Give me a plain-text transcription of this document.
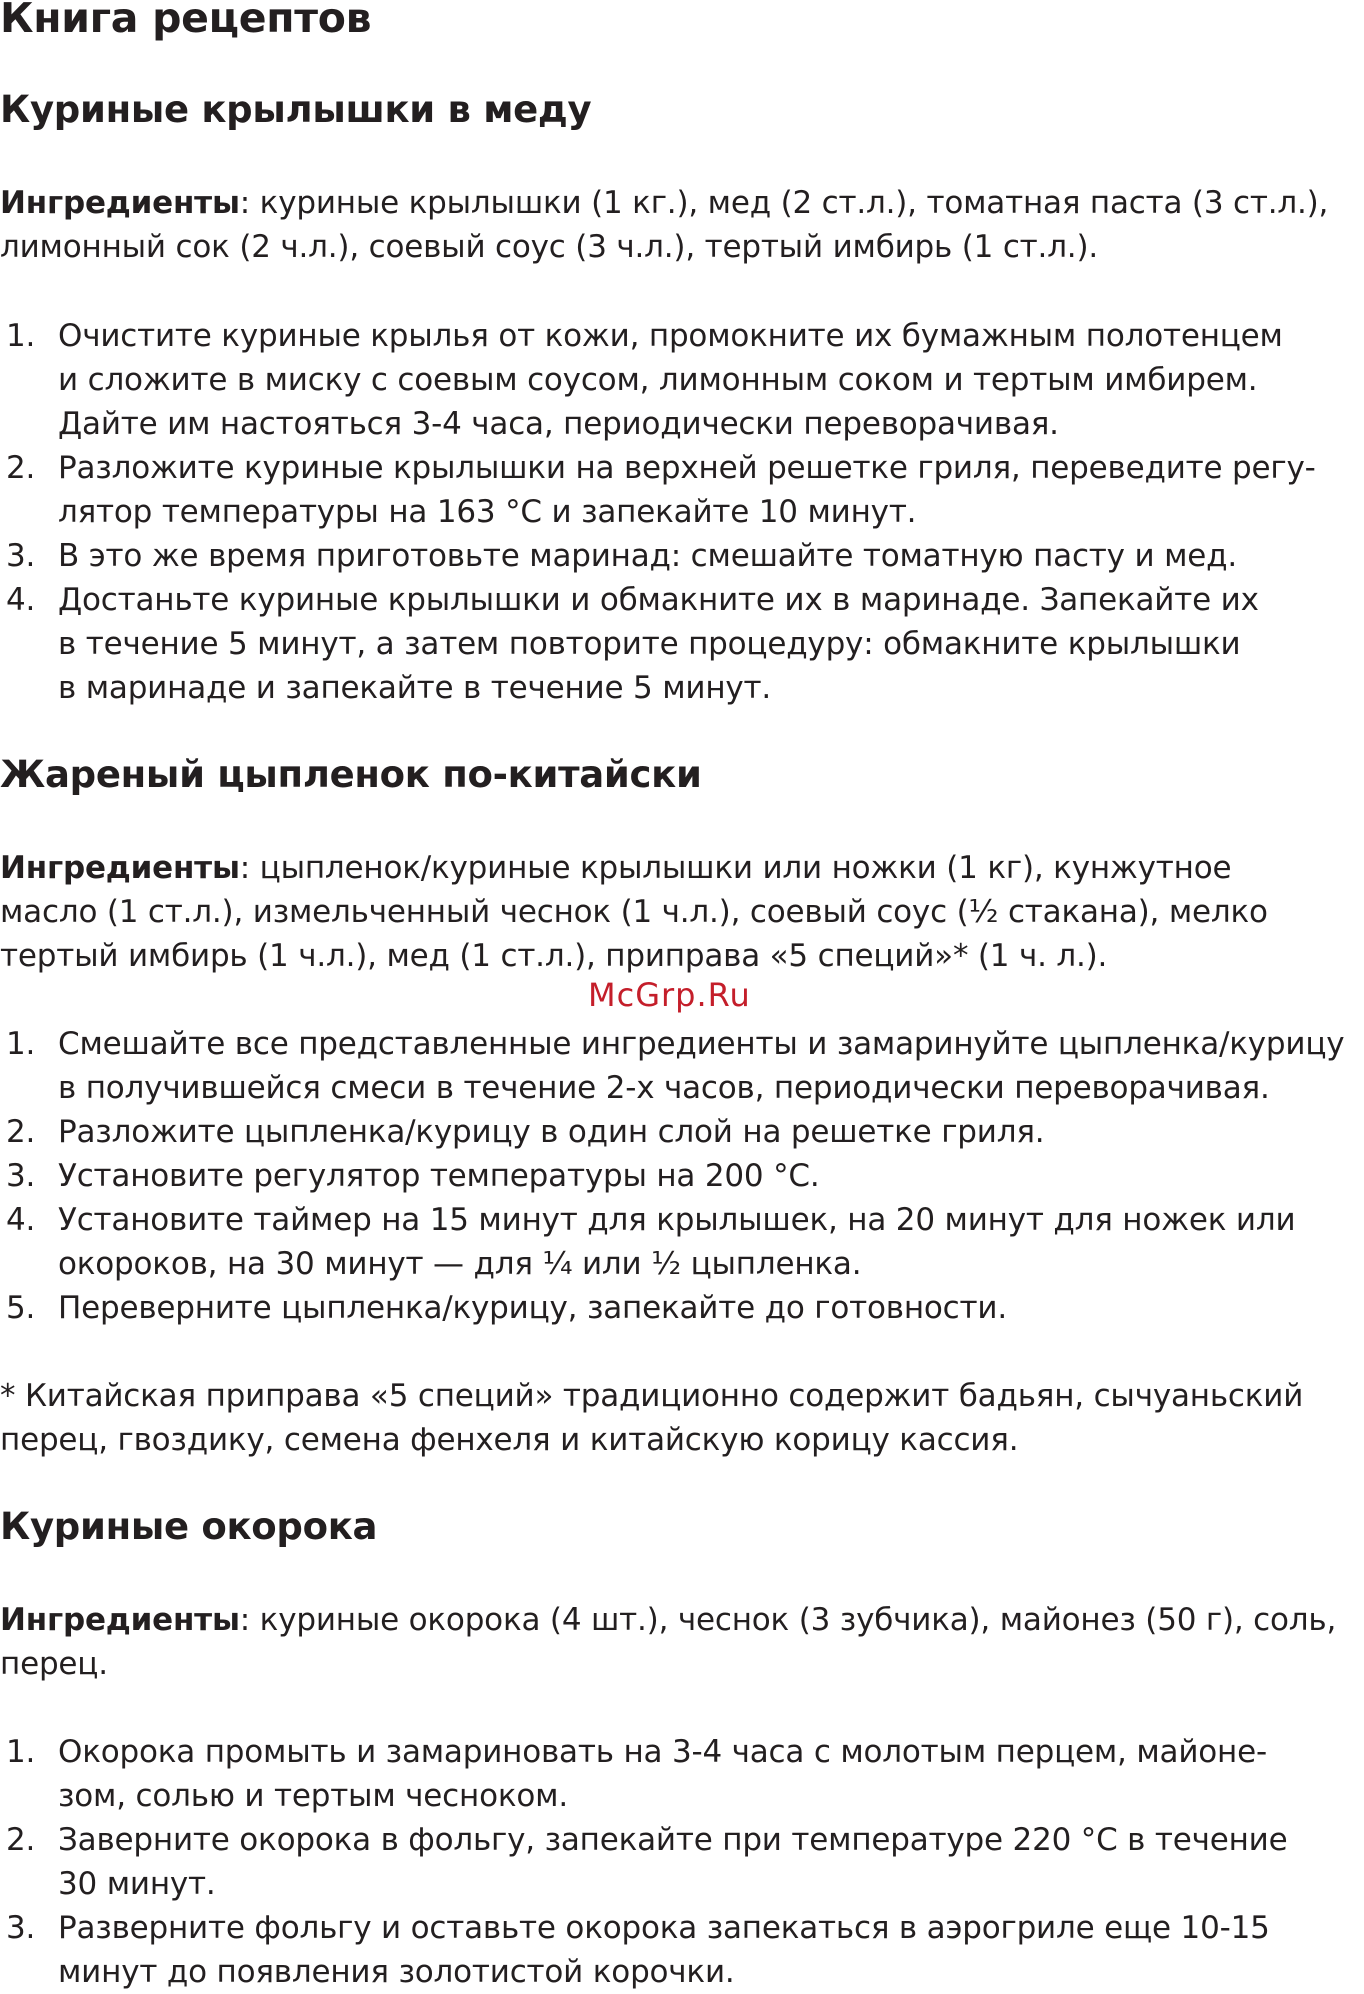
Книга рецептов
Куриные крылышки в меду
Ингредиенты: куриные крылышки (1 кг.), мед (2 ст.л.), томатная паста (3 ст.л.),
лимонный сок (2 ч.л.), соевый соус (3 ч.л.), тертый имбирь (1 ст.л.).
1. Очистите куриные крылья от кожи, промокните их бумажным полотенцем
и сложите в миску с соевым соусом, лимонным соком и тертым имбирем.
Дайте им настояться 3-4 часа, периодически переворачивая.
2. Разложите куриные крылышки на верхней решетке гриля, переведите регу-
лятор температуры на 163 °С и запекайте 10 минут.
3. В это же время приготовьте маринад: смешайте томатную пасту и мед.
4. Достаньте куриные крылышки и обмакните их в маринаде. Запекайте их
в течение 5 минут, а затем повторите процедуру: обмакните крылышки
в маринаде и запекайте в течение 5 минут.
Жареный цыпленок по-китайски
Ингредиенты: цыпленок/куриные крылышки или ножки (1 кг), кунжутное
масло (1 ст.л.), измельченный чеснок (1 ч.л.), соевый соус (½ стакана), мелко
тертый имбирь (1 ч.л.), мед (1 ст.л.), приправа «5 специй»* (1 ч. л.).
McGrp.Ru
1. Смешайте все представленные ингредиенты и замаринуйте цыпленка/курицу
в получившейся смеси в течение 2-х часов, периодически переворачивая.
2. Разложите цыпленка/курицу в один слой на решетке гриля.
3. Установите регулятор температуры на 200 °С.
4. Установите таймер на 15 минут для крылышек, на 20 минут для ножек или
окороков, на 30 минут — для ¼ или ½ цыпленка.
5. Переверните цыпленка/курицу, запекайте до готовности.
* Китайская приправа «5 специй» традиционно содержит бадьян, сычуаньский
перец, гвоздику, семена фенхеля и китайскую корицу кассия.
Куриные окорока
Ингредиенты: куриные окорока (4 шт.), чеснок (3 зубчика), майонез (50 г), соль,
перец.
1. Окорока промыть и замариновать на 3-4 часа с молотым перцем, майоне-
зом, солью и тертым чесноком.
2. Заверните окорока в фольгу, запекайте при температуре 220 °С в течение
30 минут.
3. Разверните фольгу и оставьте окорока запекаться в аэрогриле еще 10-15
минут до появления золотистой корочки.
